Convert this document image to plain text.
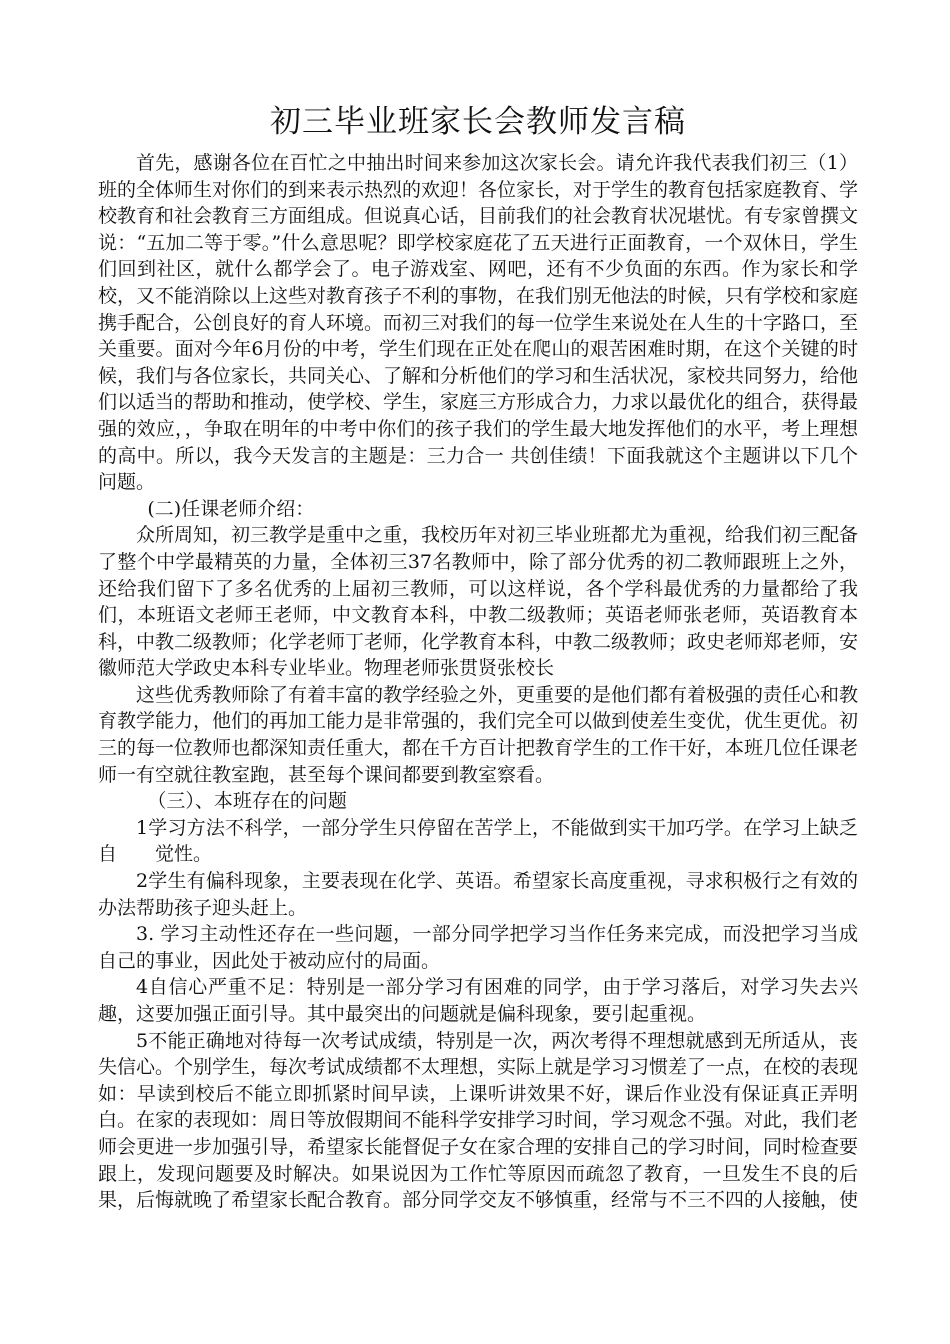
初三毕业班家长会教师发言稿

首先，感谢各位在百忙之中抽出时间来参加这次家长会。请允许我代表我们初三（1）班的全体师生对你们的到来表示热烈的欢迎！各位家长，对于学生的教育包括家庭教育、学校教育和社会教育三方面组成。但说真心话，目前我们的社会教育状况堪忧。有专家曾撰文说：“五加二等于零。”什么意思呢？即学校家庭花了五天进行正面教育，一个双休日，学生们回到社区，就什么都学会了。电子游戏室、网吧，还有不少负面的东西。作为家长和学校，又不能消除以上这些对教育孩子不利的事物，在我们别无他法的时候，只有学校和家庭携手配合，公创良好的育人环境。而初三对我们的每一位学生来说处在人生的十字路口，至关重要。面对今年6月份的中考，学生们现在正处在爬山的艰苦困难时期，在这个关键的时候，我们与各位家长，共同关心、了解和分析他们的学习和生活状况，家校共同努力，给他们以适当的帮助和推动，使学校、学生，家庭三方形成合力，力求以最优化的组合，获得最强的效应，，争取在明年的中考中你们的孩子我们的学生最大地发挥他们的水平，考上理想的高中。所以，我今天发言的主题是：三力合一 共创佳绩！下面我就这个主题讲以下几个问题。

(二)任课老师介绍：

众所周知，初三教学是重中之重，我校历年对初三毕业班都尤为重视，给我们初三配备了整个中学最精英的力量，全体初三37名教师中，除了部分优秀的初二教师跟班上之外，还给我们留下了多名优秀的上届初三教师，可以这样说，各个学科最优秀的力量都给了我们，本班语文老师王老师，中文教育本科，中教二级教师；英语老师张老师，英语教育本科，中教二级教师；化学老师丁老师，化学教育本科，中教二级教师；政史老师郑老师，安徽师范大学政史本科专业毕业。物理老师张贯贤张校长

这些优秀教师除了有着丰富的教学经验之外，更重要的是他们都有着极强的责任心和教育教学能力，他们的再加工能力是非常强的，我们完全可以做到使差生变优，优生更优。初三的每一位教师也都深知责任重大，都在千方百计把教育学生的工作干好，本班几位任课老师一有空就往教室跑，甚至每个课间都要到教室察看。

（三）、本班存在的问题

1学习方法不科学，一部分学生只停留在苦学上，不能做到实干加巧学。在学习上缺乏自　　觉性。

2学生有偏科现象，主要表现在化学、英语。希望家长高度重视，寻求积极行之有效的办法帮助孩子迎头赶上。

3. 学习主动性还存在一些问题，一部分同学把学习当作任务来完成，而没把学习当成自己的事业，因此处于被动应付的局面。

4自信心严重不足：特别是一部分学习有困难的同学，由于学习落后，对学习失去兴趣，这要加强正面引导。其中最突出的问题就是偏科现象，要引起重视。

5不能正确地对待每一次考试成绩，特别是一次，两次考得不理想就感到无所适从，丧失信心。个别学生，每次考试成绩都不太理想，实际上就是学习习惯差了一点，在校的表现如：早读到校后不能立即抓紧时间早读，上课听讲效果不好，课后作业没有保证真正弄明白。在家的表现如：周日等放假期间不能科学安排学习时间，学习观念不强。对此，我们老师会更进一步加强引导，希望家长能督促子女在家合理的安排自己的学习时间，同时检查要跟上，发现问题要及时解决。如果说因为工作忙等原因而疏忽了教育，一旦发生不良的后果，后悔就晚了希望家长配合教育。部分同学交友不够慎重，经常与不三不四的人接触，使
